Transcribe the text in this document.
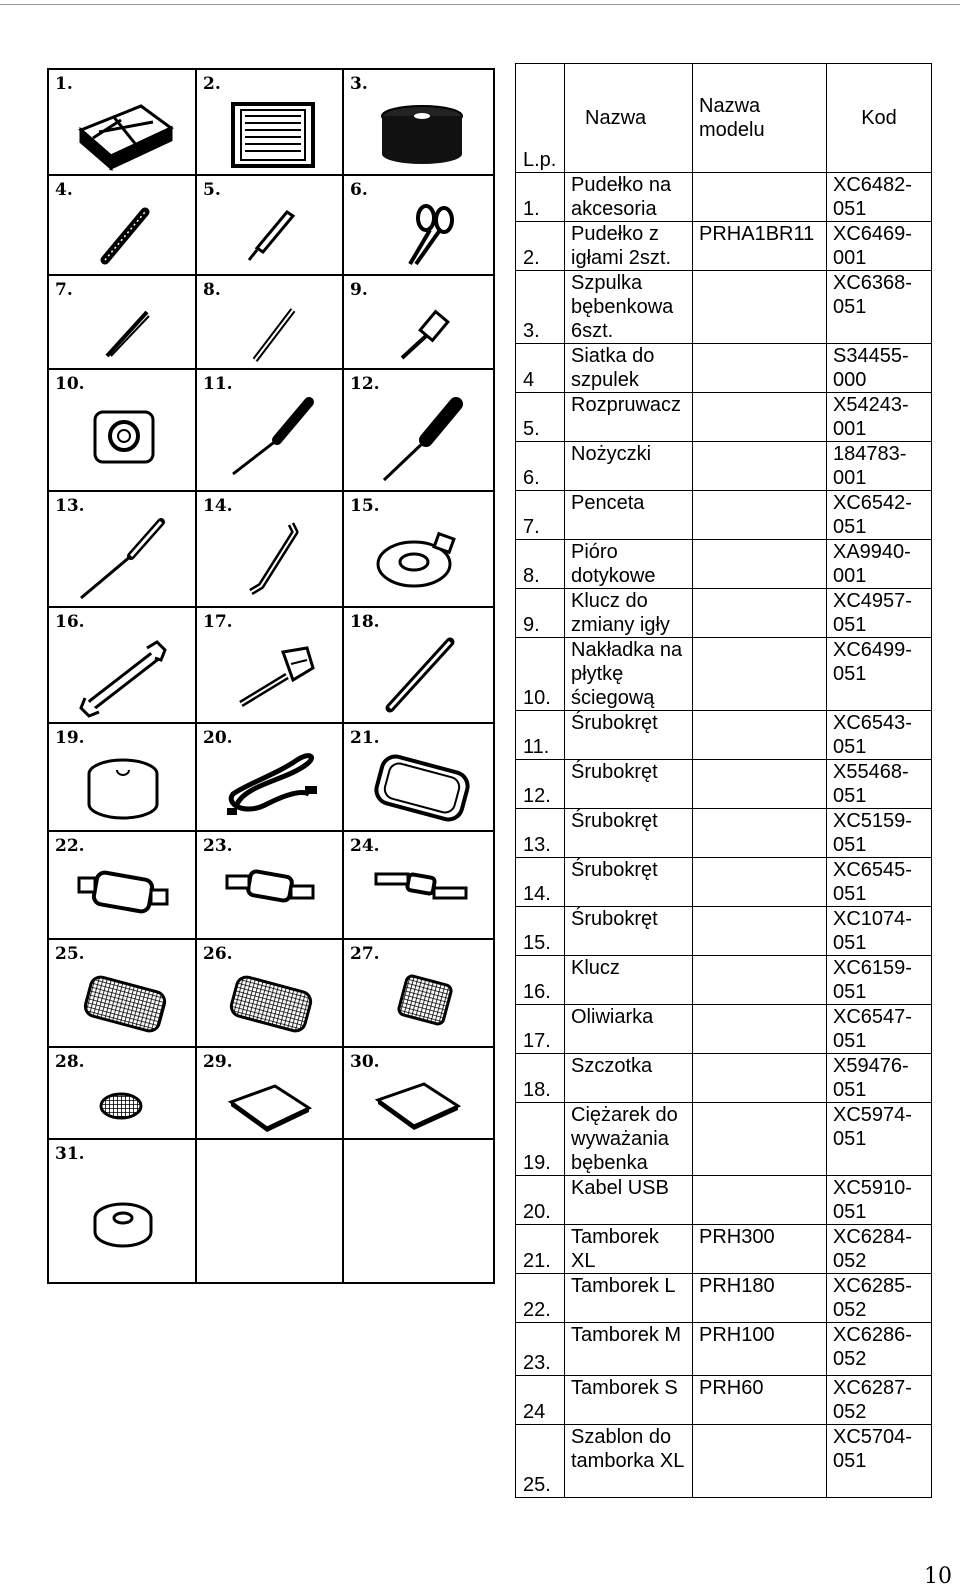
1.	2.	3.
4.	5.	6.
7.	8.	9.
10.	11.	12.
13.	14.	15.
16.	17.	18.
19.	20.	21.
22.	23.	24.
25.	26.	27.
28.	29.	30.
31.
L.p.	Nazwa	Nazwa modelu	Kod
1.	Pudełko na akcesoria		XC6482-051
2.	Pudełko z igłami 2szt.	PRHA1BR11	XC6469-001
3.	Szpulka bębenkowa 6szt.		XC6368-051
4	Siatka do szpulek		S34455-000
5.	Rozpruwacz		X54243-001
6.	Nożyczki		184783-001
7.	Penceta		XC6542-051
8.	Pióro dotykowe		XA9940-001
9.	Klucz do zmiany igły		XC4957-051
10.	Nakładka na płytkę ściegową		XC6499-051
11.	Śrubokręt		XC6543-051
12.	Śrubokręt		X55468-051
13.	Śrubokręt		XC5159-051
14.	Śrubokręt		XC6545-051
15.	Śrubokręt		XC1074-051
16.	Klucz		XC6159-051
17.	Oliwiarka		XC6547-051
18.	Szczotka		X59476-051
19.	Ciężarek do wyważania bębenka		XC5974-051
20.	Kabel USB		XC5910-051
21.	Tamborek XL	PRH300	XC6284-052
22.	Tamborek L	PRH180	XC6285-052
23.	Tamborek M	PRH100	XC6286-052
24	Tamborek S	PRH60	XC6287-052
25.	Szablon do tamborka XL		XC5704-051
10
